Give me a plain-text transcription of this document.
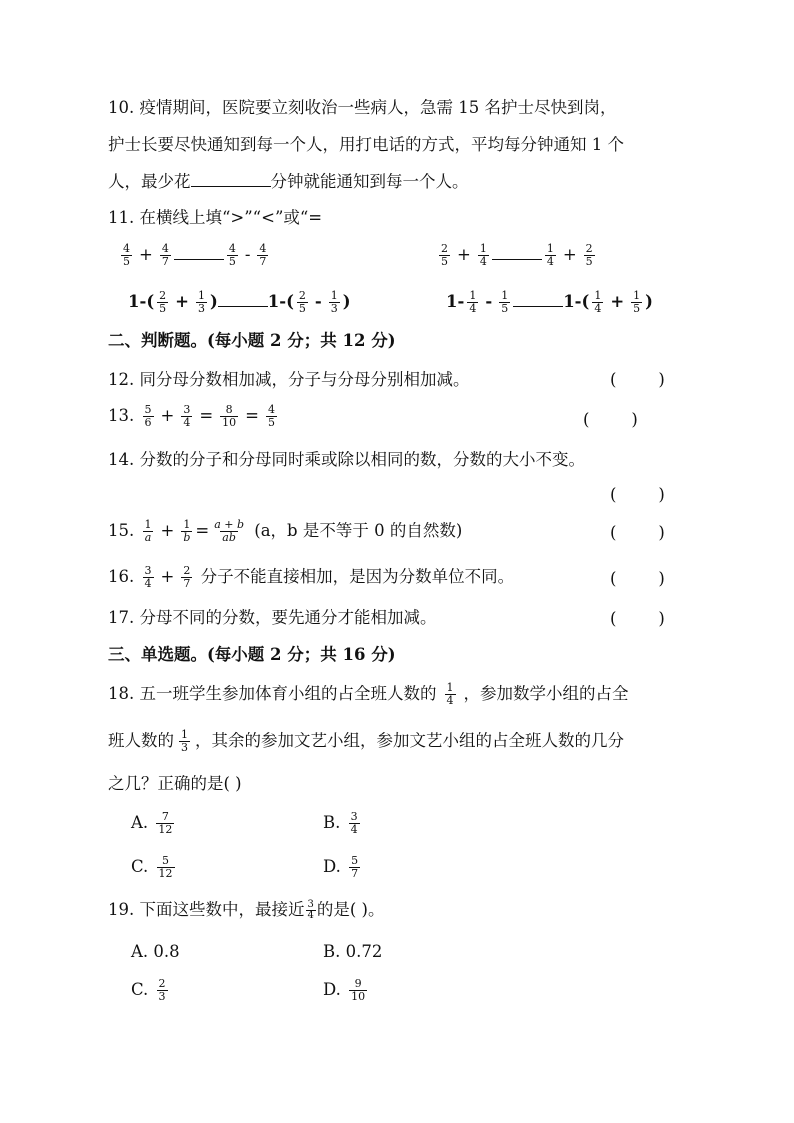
10. 疫情期间，医院要立刻收治一些病人，急需 15 名护士尽快到岗，
护士长要尽快通知到每一个人，用打电话的方式，平均每分钟通知 1 个
人，最少花	分钟就能通知到每一个人。
11. 在横线上填“>”“<”或“=
$\frac{4}{5} + \frac{4}{7}$	$\frac{4}{5} - \frac{4}{7}$	$\frac{2}{5} + \frac{1}{4}$	$\frac{1}{4} + \frac{2}{5}$
$1-( \frac{2}{5} + \frac{1}{3}$ )	$1-( \frac{2}{5} - \frac{1}{3}$ )	$1- \frac{1}{4} - \frac{1}{5}$	$1-( \frac{1}{4} + \frac{1}{5}$ )
二、判断题。(每小题 2 分；共 12 分)
12. 同分母分数相加减，分子与分母分别相加减。	(        )
13. $\frac{5}{6} + \frac{3}{4} = \frac{8}{10} = \frac{4}{5}$	(        )
14. 分数的分子和分母同时乘或除以相同的数，分数的大小不变。
(        )
15. $\frac{1}{a} + \frac{1}{b} = \frac{a + b}{ab} (a$，b 是不等于 0 的自然数)	(        )
16. $\frac{3}{4} + \frac{2}{7}$ 分子不能直接相加，是因为分数单位不同。	(        )
17. 分母不同的分数，要先通分才能相加减。	(        )
三、单选题。(每小题 2 分；共 16 分)
18. 五一班学生参加体育小组的占全班人数的 $\frac{1}{4}$ ，参加数学小组的占全
班人数的 $\frac{1}{3}$ ，其余的参加文艺小组，参加文艺小组的占全班人数的几分
之几？正确的是( )
A. $\frac{7}{12}$	B. $\frac{3}{4}$
C. $\frac{5}{12}$	D. $\frac{5}{7}$
19. 下面这些数中，最接近 $\frac{3}{4}$ 的是( )。
A. 0.8	B. 0.72
C. $\frac{2}{3}$	D. $\frac{9}{10}$
